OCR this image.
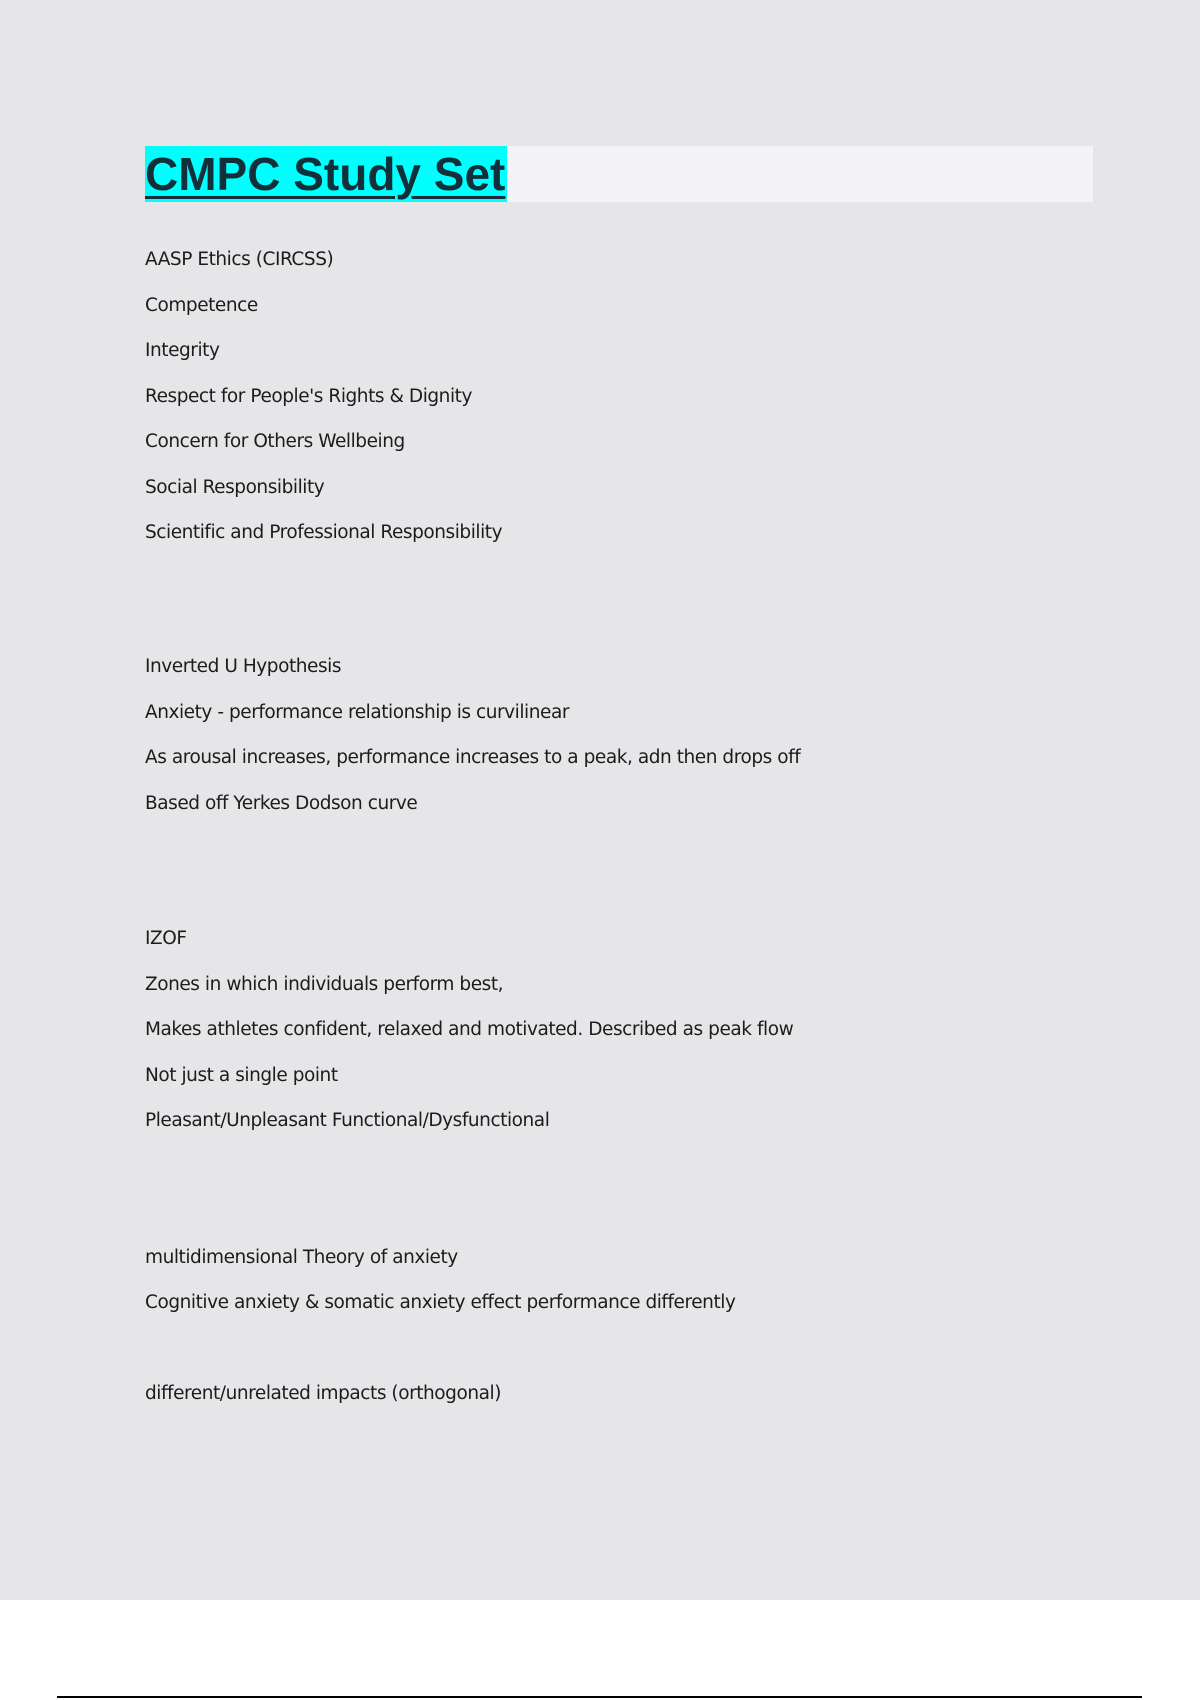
CMPC Study Set

AASP Ethics (CIRCSS)

Competence

Integrity

Respect for People's Rights & Dignity

Concern for Others Wellbeing

Social Responsibility

Scientific and Professional Responsibility

Inverted U Hypothesis

Anxiety - performance relationship is curvilinear

As arousal increases, performance increases to a peak, adn then drops off

Based off Yerkes Dodson curve

IZOF

Zones in which individuals perform best,

Makes athletes confident, relaxed and motivated. Described as peak flow

Not just a single point

Pleasant/Unpleasant Functional/Dysfunctional

multidimensional Theory of anxiety

Cognitive anxiety & somatic anxiety effect performance differently

different/unrelated impacts (orthogonal)
